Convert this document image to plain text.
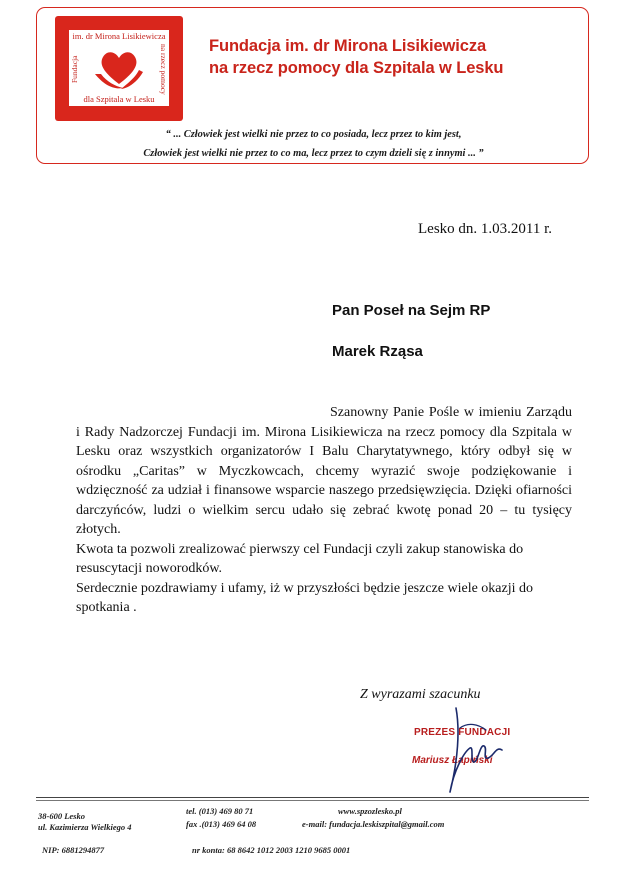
im. dr Mirona Lisikiewicza
Fundacja	na rzecz pomocy
dla Szpitala w Lesku
Fundacja im. dr Mirona Lisikiewicza
na rzecz pomocy dla Szpitala w Lesku
“ ... Człowiek jest wielki nie przez to co posiada, lecz przez to kim jest,
Człowiek jest wielki nie przez to co ma, lecz przez to czym dzieli się z innymi ... ”
Lesko dn. 1.03.2011 r.
Pan Poseł na Sejm RP
Marek Rząsa

Szanowny Panie Pośle w imieniu Zarządu i Rady Nadzorczej Fundacji im. Mirona Lisikiewicza na rzecz pomocy dla Szpitala w Lesku oraz wszystkich organizatorów I Balu Charytatywnego, który odbył się w ośrodku „Caritas” w Myczkowcach, chcemy wyrazić swoje podziękowanie i wdzięczność za udział i finansowe wsparcie naszego przedsięwzięcia. Dzięki ofiarności darczyńców, ludzi o wielkim sercu udało się zebrać kwotę ponad 20 – tu tysięcy złotych.

Kwota ta pozwoli zrealizować pierwszy cel Fundacji czyli zakup stanowiska do resuscytacji noworodków.

Serdecznie pozdrawiamy i ufamy, iż w przyszłości będzie jeszcze wiele okazji do spotkania .

Z wyrazami szacunku
PREZES FUNDACJI
Mariusz Łapiński
38-600 Lesko
ul. Kazimierza Wielkiego 4
tel. (013) 469 80 71
fax .(013) 469 64 08
www.spzozlesko.pl
e-mail: fundacja.leskiszpital@gmail.com
NIP: 6881294877	nr konta: 68 8642 1012 2003 1210 9685 0001
